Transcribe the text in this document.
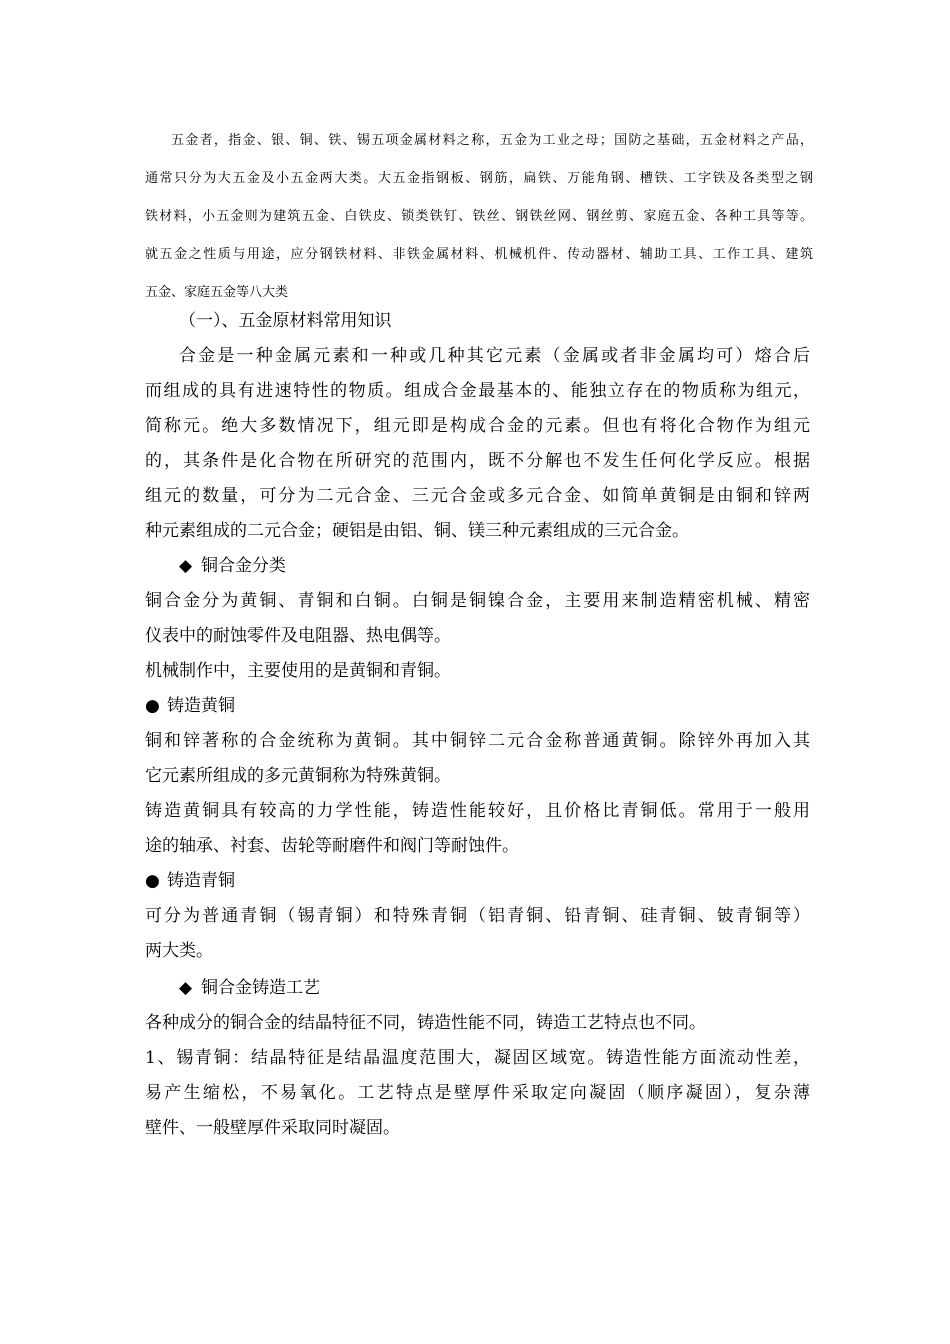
五金者，指金、银、铜、铁、锡五项金属材料之称，五金为工业之母；国防之基础，五金材料之产品，
通常只分为大五金及小五金两大类。大五金指钢板、钢筋，扁铁、万能角钢、槽铁、工字铁及各类型之钢
铁材料，小五金则为建筑五金、白铁皮、锁类铁钉、铁丝、钢铁丝网、钢丝剪、家庭五金、各种工具等等。
就五金之性质与用途，应分钢铁材料、非铁金属材料、机械机件、传动器材、辅助工具、工作工具、建筑
五金、家庭五金等八大类
（一）、五金原材料常用知识
合金是一种金属元素和一种或几种其它元素（金属或者非金属均可）熔合后
而组成的具有进速特性的物质。组成合金最基本的、能独立存在的物质称为组元，
简称元。绝大多数情况下，组元即是构成合金的元素。但也有将化合物作为组元
的，其条件是化合物在所研究的范围内，既不分解也不发生任何化学反应。根据
组元的数量，可分为二元合金、三元合金或多元合金、如简单黄铜是由铜和锌两
种元素组成的二元合金；硬铝是由铝、铜、镁三种元素组成的三元合金。
◆ 铜合金分类
铜合金分为黄铜、青铜和白铜。白铜是铜镍合金，主要用来制造精密机械、精密
仪表中的耐蚀零件及电阻器、热电偶等。
机械制作中，主要使用的是黄铜和青铜。
● 铸造黄铜
铜和锌著称的合金统称为黄铜。其中铜锌二元合金称普通黄铜。除锌外再加入其
它元素所组成的多元黄铜称为特殊黄铜。
铸造黄铜具有较高的力学性能，铸造性能较好，且价格比青铜低。常用于一般用
途的轴承、衬套、齿轮等耐磨件和阀门等耐蚀件。
● 铸造青铜
可分为普通青铜（锡青铜）和特殊青铜（铝青铜、铅青铜、硅青铜、铍青铜等）
两大类。
◆ 铜合金铸造工艺
各种成分的铜合金的结晶特征不同，铸造性能不同，铸造工艺特点也不同。
1、锡青铜：结晶特征是结晶温度范围大，凝固区域宽。铸造性能方面流动性差，
易产生缩松，不易氧化。工艺特点是壁厚件采取定向凝固（顺序凝固），复杂薄
壁件、一般壁厚件采取同时凝固。
